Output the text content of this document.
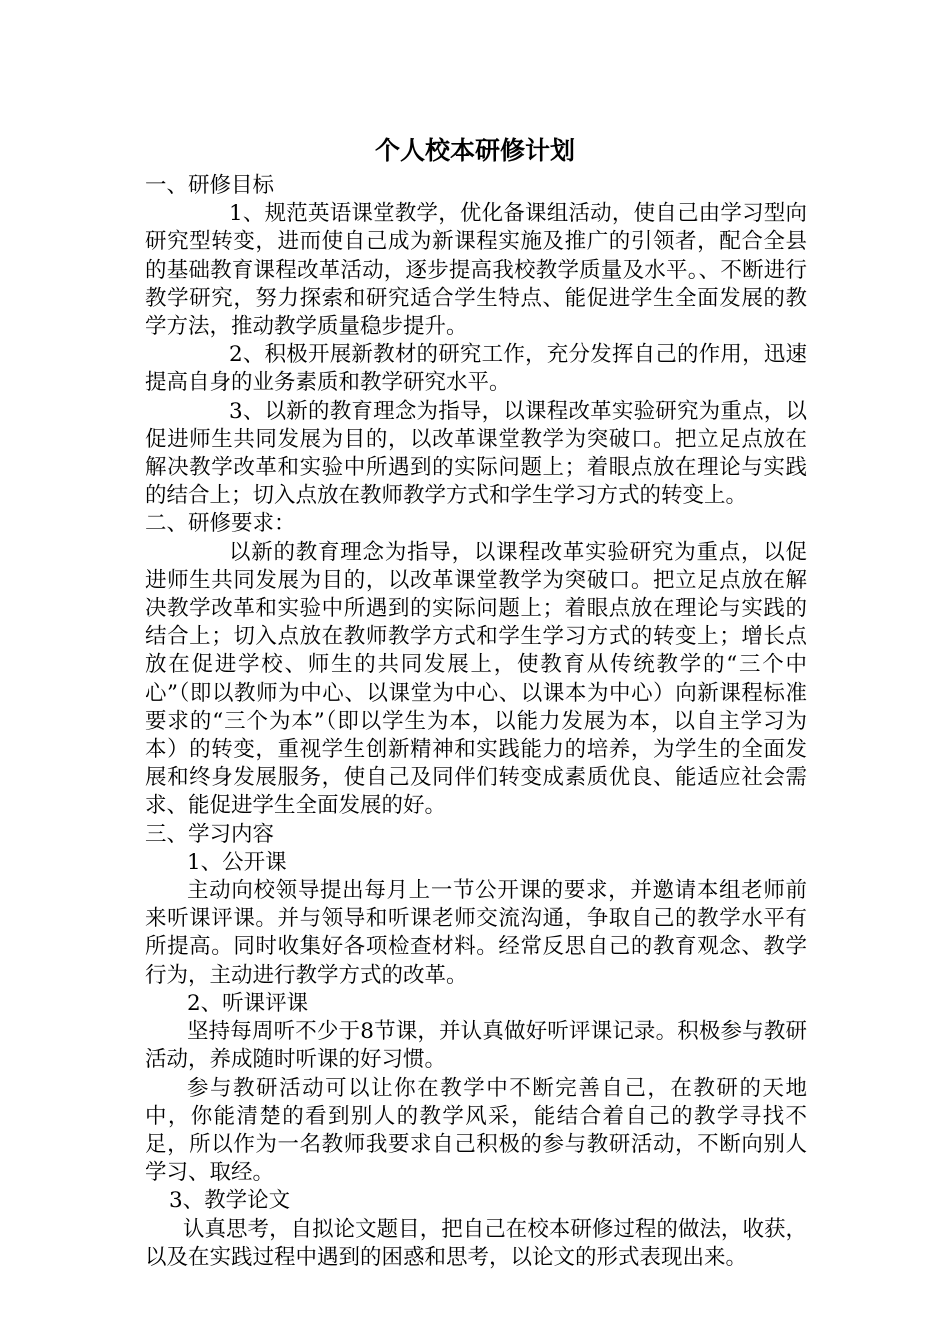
个人校本研修计划

一、研修目标

1、规范英语课堂教学，优化备课组活动，使自己由学习型向研究型转变，进而使自己成为新课程实施及推广的引领者，配合全县的基础教育课程改革活动，逐步提高我校教学质量及水平。、不断进行教学研究，努力探索和研究适合学生特点、能促进学生全面发展的教学方法，推动教学质量稳步提升。

2、积极开展新教材的研究工作，充分发挥自己的作用，迅速提高自身的业务素质和教学研究水平。

3、以新的教育理念为指导，以课程改革实验研究为重点，以促进师生共同发展为目的，以改革课堂教学为突破口。把立足点放在解决教学改革和实验中所遇到的实际问题上；着眼点放在理论与实践的结合上；切入点放在教师教学方式和学生学习方式的转变上。

二、研修要求：

以新的教育理念为指导，以课程改革实验研究为重点，以促进师生共同发展为目的，以改革课堂教学为突破口。把立足点放在解决教学改革和实验中所遇到的实际问题上；着眼点放在理论与实践的结合上；切入点放在教师教学方式和学生学习方式的转变上；增长点放在促进学校、师生的共同发展上，使教育从传统教学的“三个中心”（即以教师为中心、以课堂为中心、以课本为中心）向新课程标准要求的“三个为本”（即以学生为本，以能力发展为本，以自主学习为本）的转变，重视学生创新精神和实践能力的培养，为学生的全面发展和终身发展服务，使自己及同伴们转变成素质优良、能适应社会需求、能促进学生全面发展的好。

三、学习内容

1、公开课

主动向校领导提出每月上一节公开课的要求，并邀请本组老师前来听课评课。并与领导和听课老师交流沟通，争取自己的教学水平有所提高。同时收集好各项检查材料。经常反思自己的教育观念、教学行为，主动进行教学方式的改革。

2、听课评课

坚持每周听不少于8节课，并认真做好听评课记录。积极参与教研活动，养成随时听课的好习惯。

参与教研活动可以让你在教学中不断完善自己，在教研的天地中，你能清楚的看到别人的教学风采，能结合着自己的教学寻找不足，所以作为一名教师我要求自己积极的参与教研活动，不断向别人学习、取经。

3、教学论文

认真思考，自拟论文题目，把自己在校本研修过程的做法，收获，以及在实践过程中遇到的困惑和思考，以论文的形式表现出来。
